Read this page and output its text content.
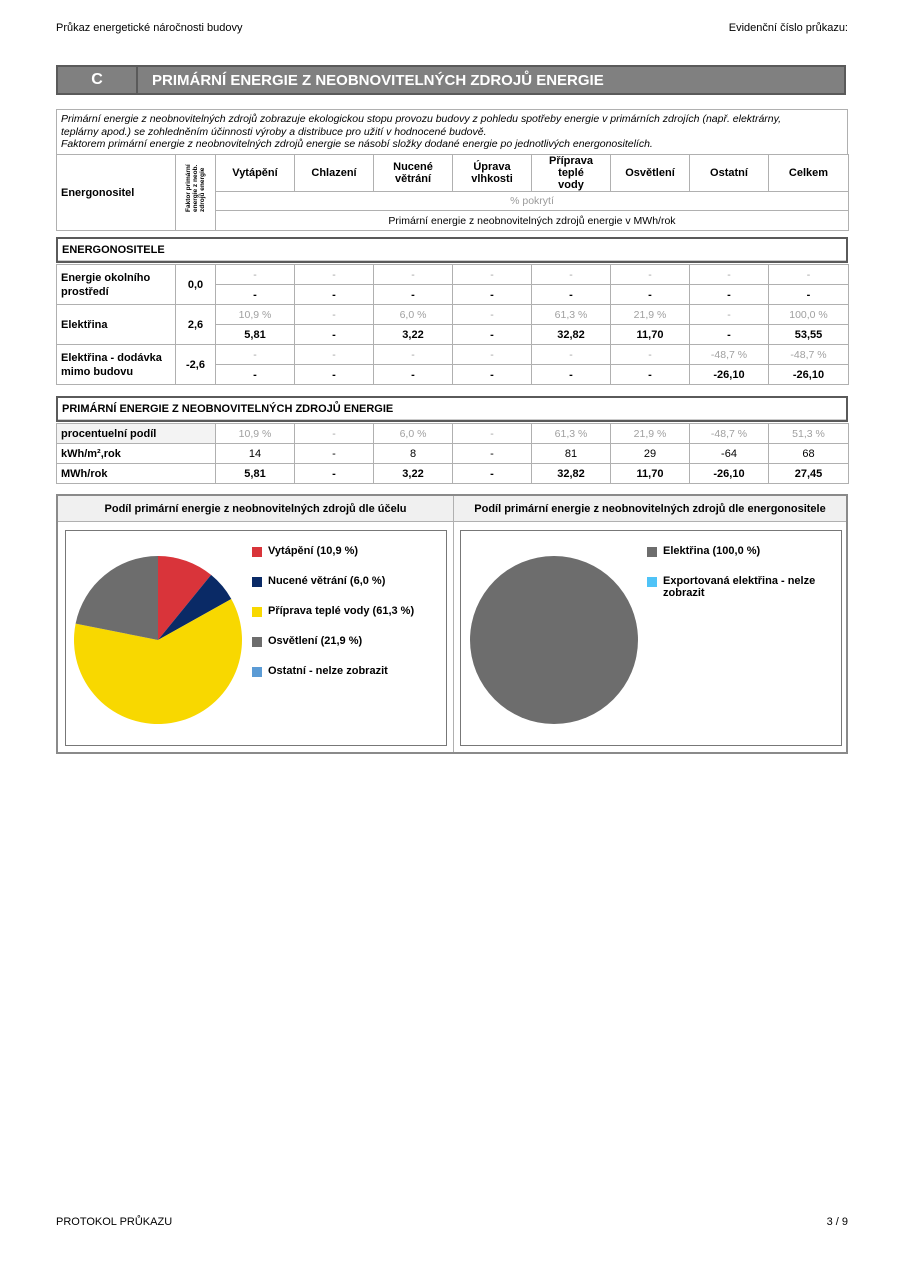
Průkaz energetické náročnosti budovy	Evidenční číslo průkazu:
C	PRIMÁRNÍ ENERGIE Z NEOBNOVITELNÝCH ZDROJŮ ENERGIE
Primární energie z neobnovitelných zdrojů zobrazuje ekologickou stopu provozu budovy z pohledu spotřeby energie v primárních zdrojích (např. elektrárny,
teplárny apod.) se zohledněním účinnosti výroby a distribuce pro užití v hodnocené budově.
Faktorem primární energie z neobnovitelných zdrojů energie se násobí složky dodané energie po jednotlivých energonositelích.
Energonositel	Faktor primární
energie z neob.
zdrojů energie	Vytápění	Chlazení	Nucené větrání	Úprava vlhkosti	Příprava teplé vody	Osvětlení	Ostatní	Celkem
% pokrytí
Primární energie z neobnovitelných zdrojů energie v MWh/rok
ENERGONOSITELE
Energie okolního prostředí	0,0	-	-	-	-	-	-	-	-
		-	-	-	-	-	-	-	-
Elektřina	2,6	10,9 %	-	6,0 %	-	61,3 %	21,9 %	-	100,0 %
		5,81	-	3,22	-	32,82	11,70	-	53,55
Elektřina - dodávka mimo budovu	-2,6	-	-	-	-	-	-	-48,7 %	-48,7 %
		-	-	-	-	-	-	-26,10	-26,10
PRIMÁRNÍ ENERGIE Z NEOBNOVITELNÝCH ZDROJŮ ENERGIE
procentuelní podíl	10,9 %	-	6,0 %	-	61,3 %	21,9 %	-48,7 %	51,3 %
kWh/m²,rok	14	-	8	-	81	29	-64	68
MWh/rok	5,81	-	3,22	-	32,82	11,70	-26,10	27,45
Podíl primární energie z neobnovitelných zdrojů dle účelu	Podíl primární energie z neobnovitelných zdrojů dle energonositele
Vytápění (10,9 %)
Nucené větrání (6,0 %)
Příprava teplé vody (61,3 %)
Osvětlení (21,9 %)
Ostatní - nelze zobrazit
Elektřina (100,0 %)
Exportovaná elektřina - nelze zobrazit
PROTOKOL PRŮKAZU	3 / 9
